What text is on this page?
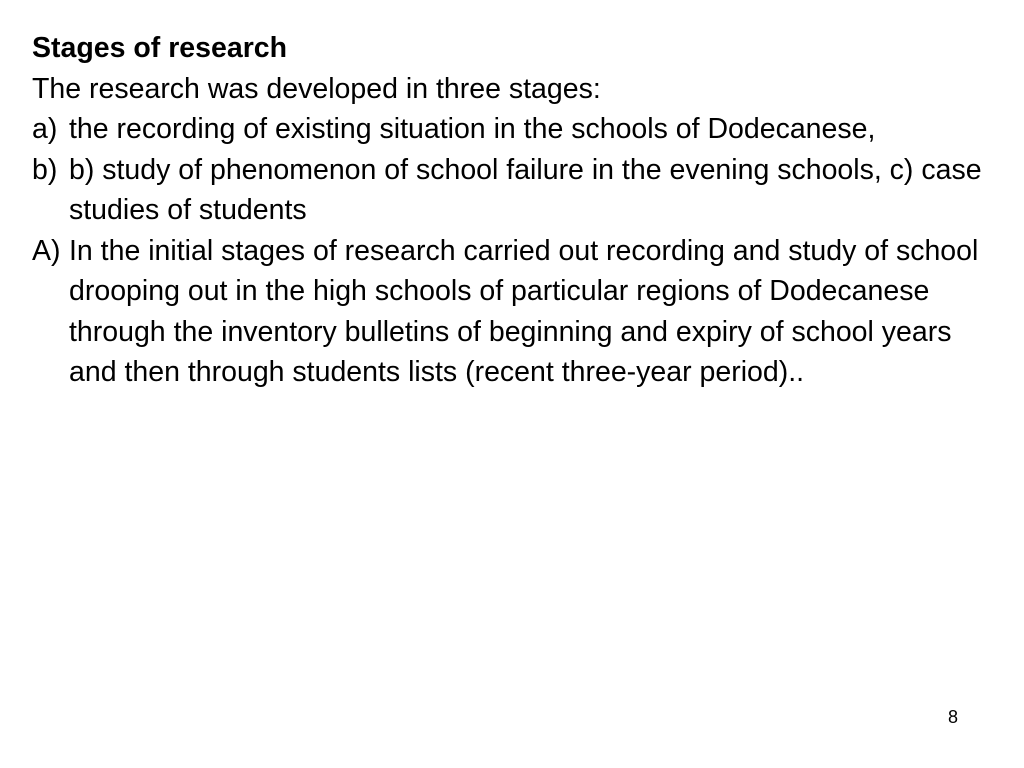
Stages of research

The research was developed in three stages:

a) the recording of existing situation in the schools of Dodecanese,
b) b) study of phenomenon of school failure in the evening schools, c) case studies of students
A) In the initial stages of research carried out recording and study of school drooping out in the high schools of particular regions of Dodecanese through the inventory bulletins of beginning and expiry of school years and then through students lists (recent three-year period)..
8
